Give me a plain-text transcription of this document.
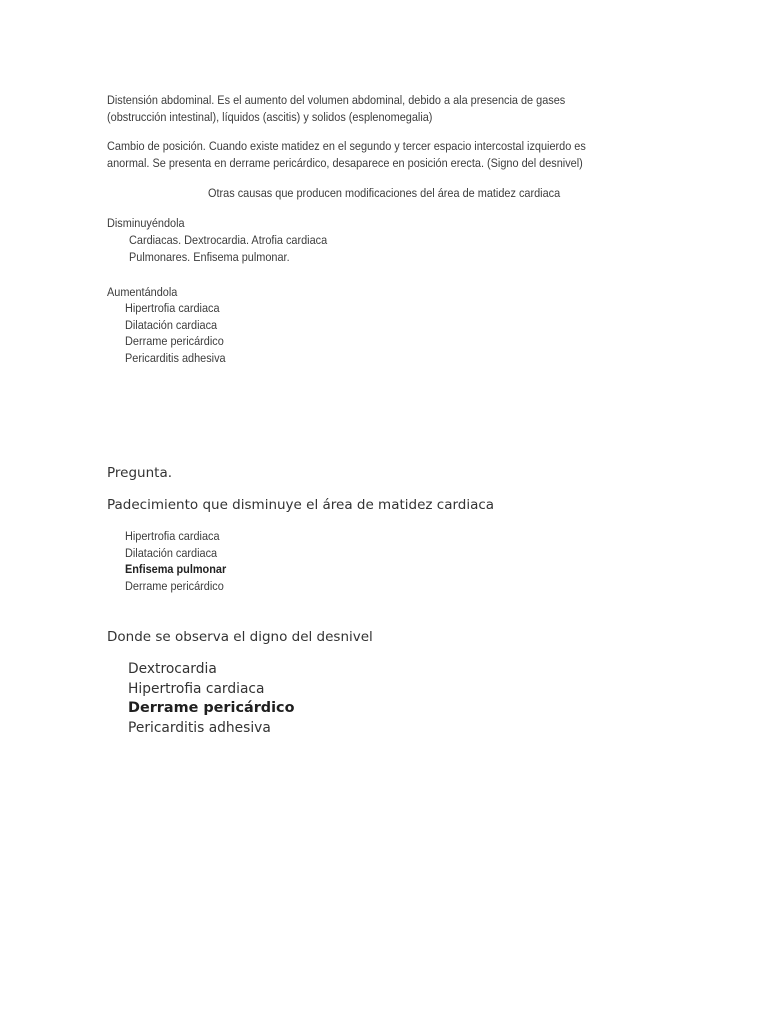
Distensión abdominal. Es el aumento del volumen abdominal, debido a ala presencia de gases
(obstrucción intestinal), líquidos (ascitis) y solidos (esplenomegalia)
Cambio de posición. Cuando existe matidez en el segundo y tercer espacio intercostal izquierdo es
anormal. Se presenta en derrame pericárdico, desaparece en posición erecta. (Signo del desnivel)
Otras causas que producen modificaciones del área de matidez cardiaca
Disminuyéndola
Cardiacas. Dextrocardia. Atrofia cardiaca
Pulmonares. Enfisema pulmonar.
Aumentándola
Hipertrofia cardiaca
Dilatación cardiaca
Derrame pericárdico
Pericarditis adhesiva
Pregunta.
Padecimiento que disminuye el área de matidez cardiaca
Hipertrofia cardiaca
Dilatación cardiaca
Enfisema pulmonar
Derrame pericárdico
Donde se observa el digno del desnivel
Dextrocardia
Hipertrofia cardiaca
Derrame pericárdico
Pericarditis adhesiva
